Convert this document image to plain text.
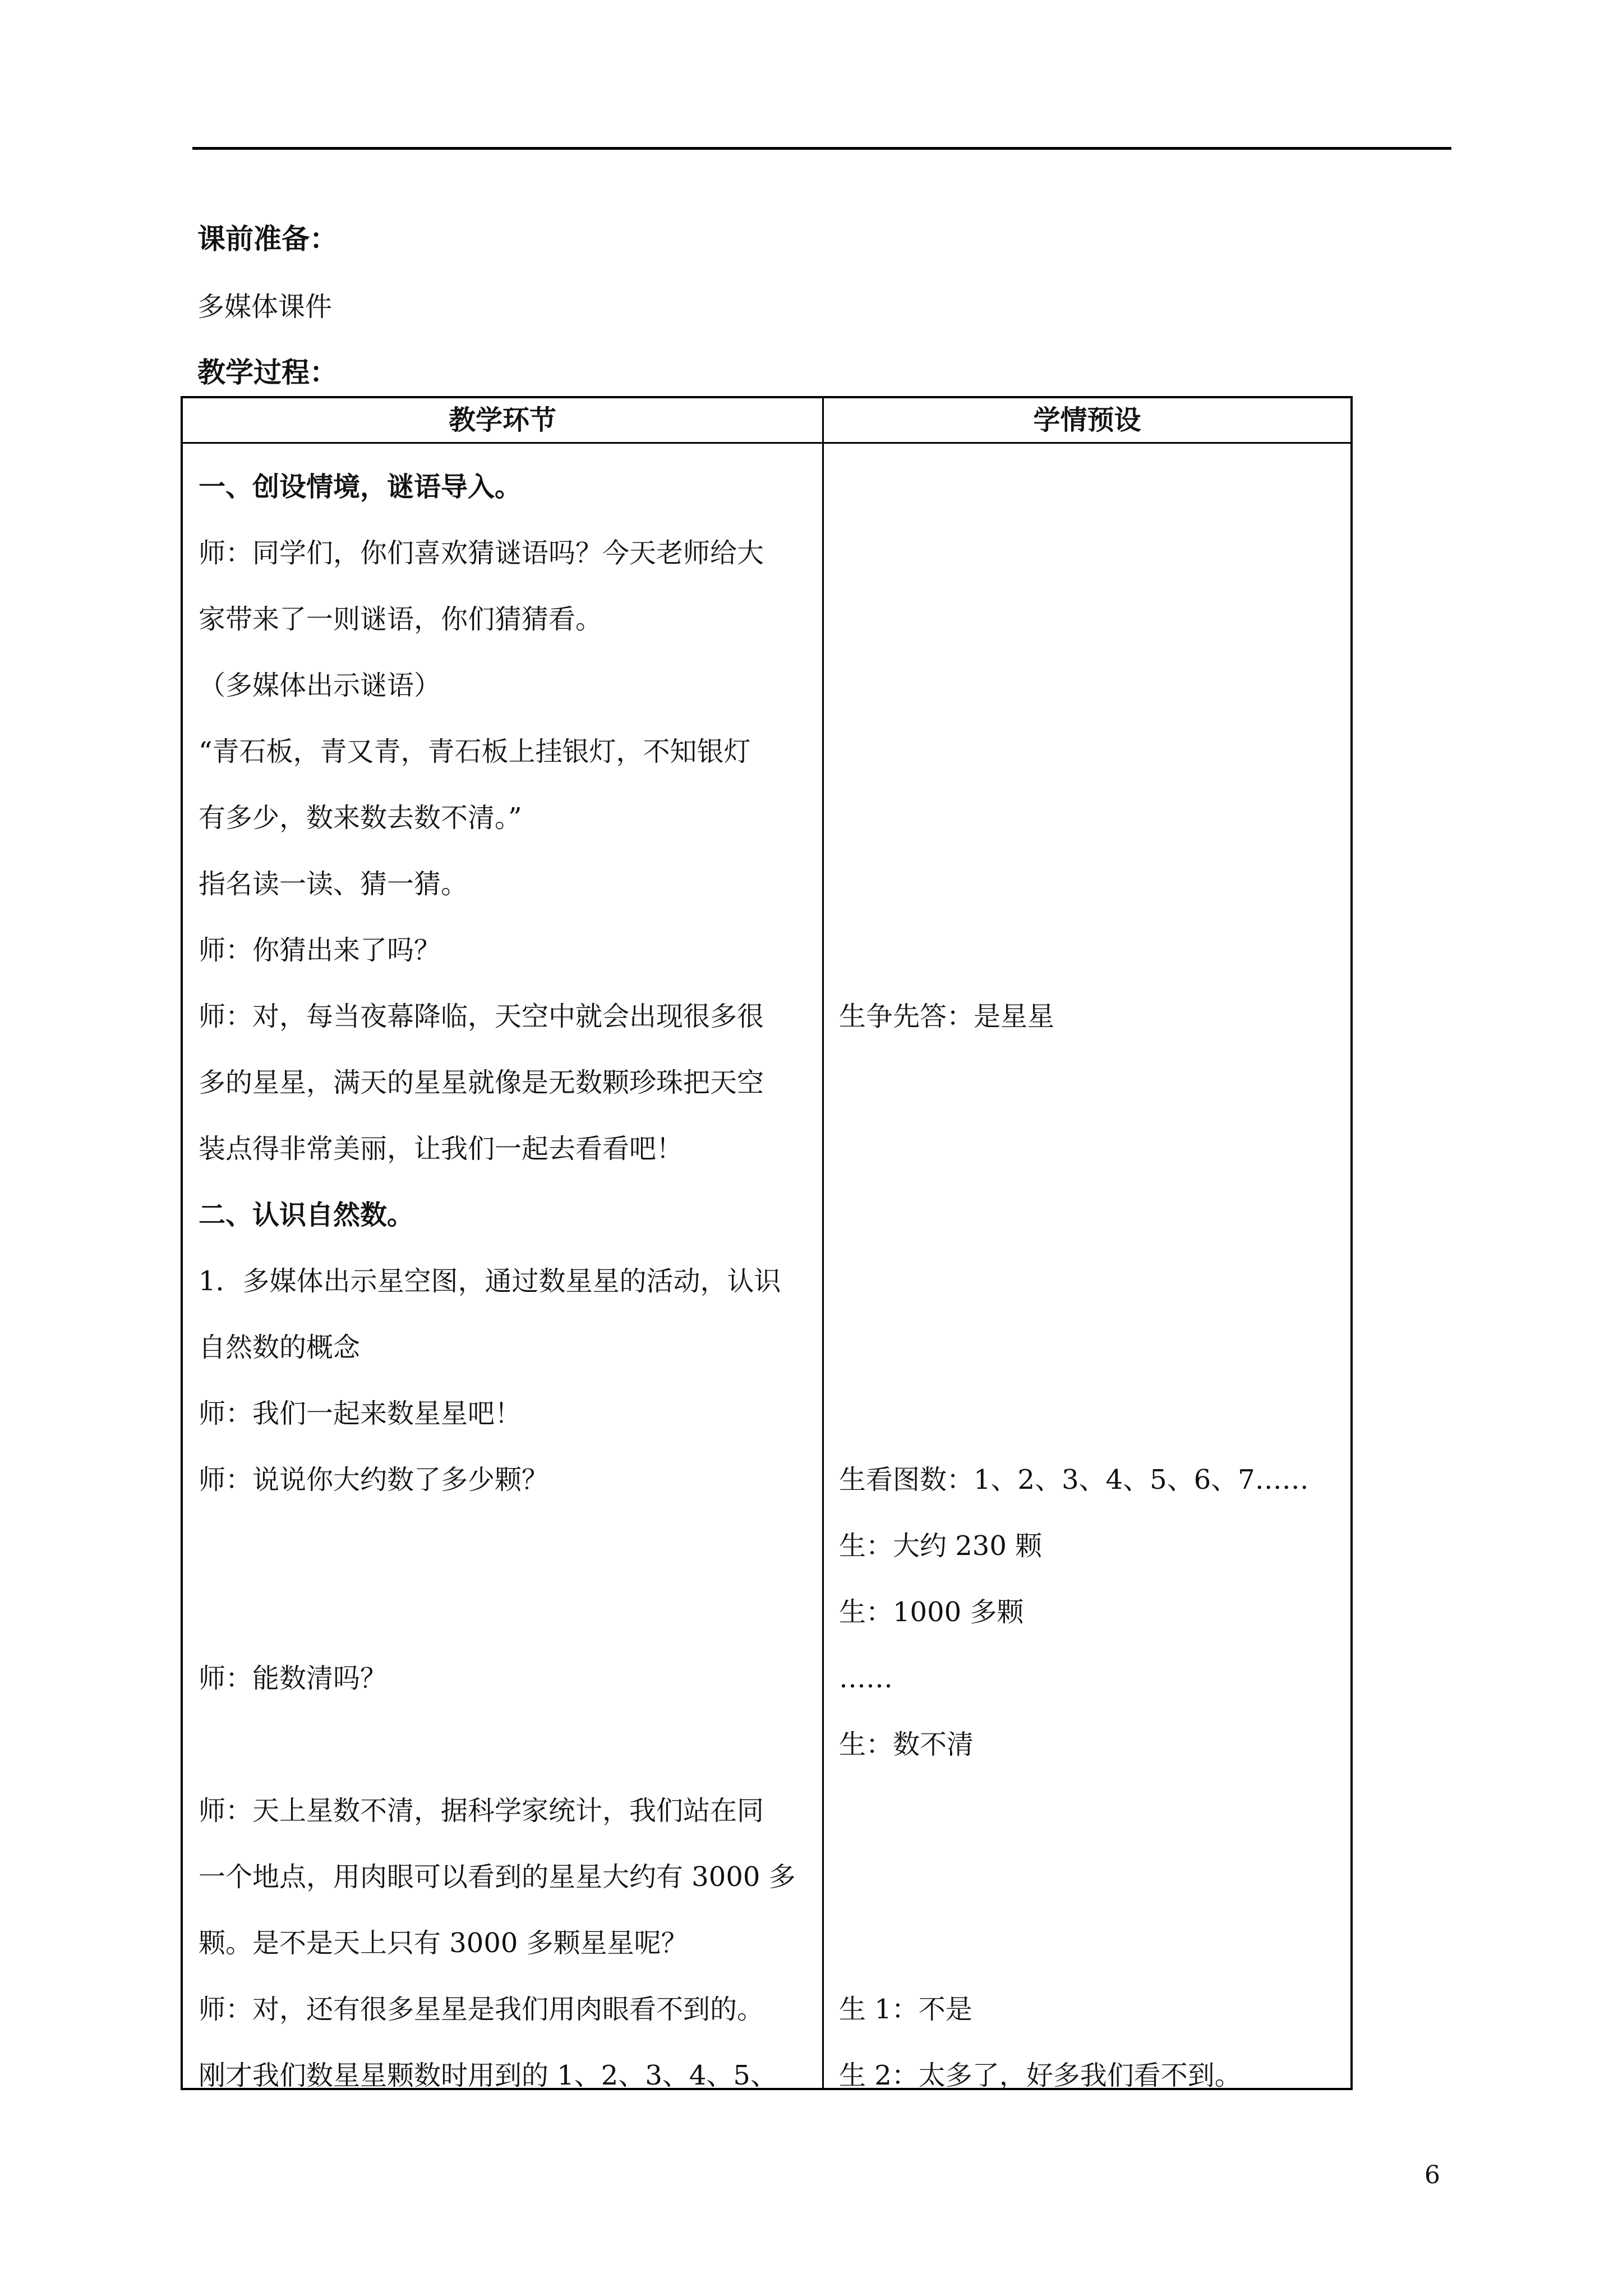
课前准备：
多媒体课件
教学过程：
教学环节	学情预设
一、创设情境，谜语导入。
师：同学们，你们喜欢猜谜语吗？今天老师给大
家带来了一则谜语，你们猜猜看。
（多媒体出示谜语）
“青石板，青又青，青石板上挂银灯，不知银灯
有多少，数来数去数不清。”
指名读一读、猜一猜。
师：你猜出来了吗？
师：对，每当夜幕降临，天空中就会出现很多很
多的星星，满天的星星就像是无数颗珍珠把天空
装点得非常美丽，让我们一起去看看吧！
二、认识自然数。
1．多媒体出示星空图，通过数星星的活动，认识
自然数的概念
师：我们一起来数星星吧！
师：说说你大约数了多少颗？
师：能数清吗？
师：天上星数不清，据科学家统计，我们站在同
一个地点，用肉眼可以看到的星星大约有 3000 多
颗。是不是天上只有 3000 多颗星星呢？
师：对，还有很多星星是我们用肉眼看不到的。
刚才我们数星星颗数时用到的 1、2、3、4、5、
生争先答：是星星
生看图数：1、2、3、4、5、6、7……
生：大约 230 颗
生：1000 多颗
……
生：数不清
生 1：不是
生 2：太多了，好多我们看不到。
6
